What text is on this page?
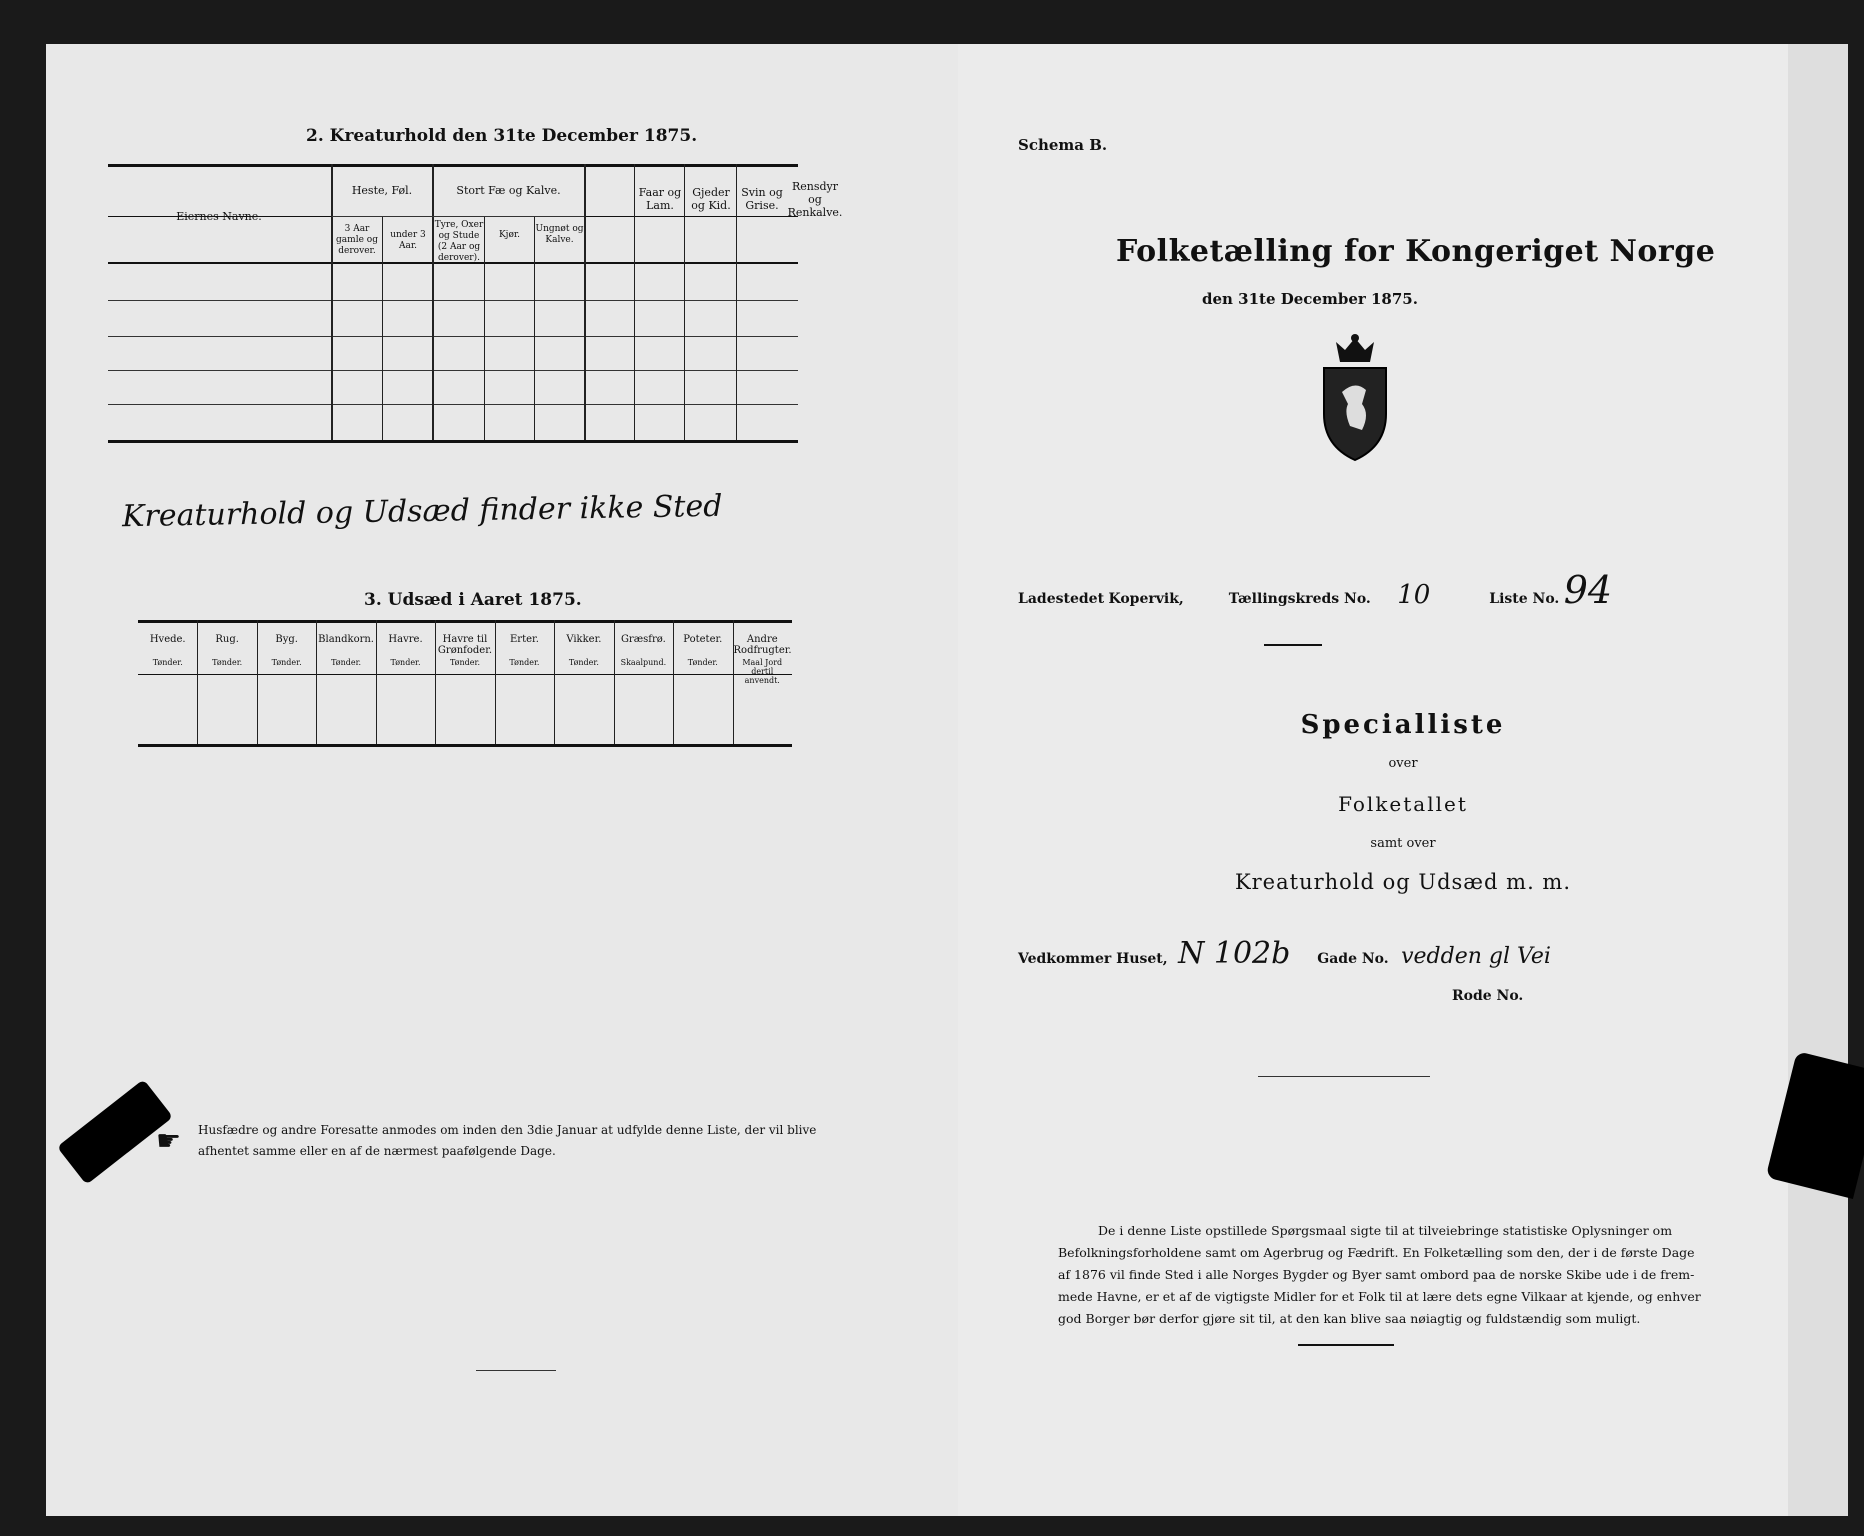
2. Kreaturhold den 31te December 1875.
Eiernes Navne.
Heste, Føl.
3 Aar gamle og derover.
under 3 Aar.
Stort Fæ og Kalve.
Tyre, Oxer og Stude (2 Aar og derover).
Kjør.
Ungnøt og Kalve.
Faar og Lam.
Gjeder og Kid.
Svin og Grise.
Rensdyr og Renkalve.
Kreaturhold og Udsæd finder ikke Sted
3. Udsæd i Aaret 1875.
Hvede.
Tønder.
Rug.
Tønder.
Byg.
Tønder.
Blandkorn.
Tønder.
Havre.
Tønder.
Havre til Grønfoder.
Tønder.
Erter.
Tønder.
Vikker.
Tønder.
Græsfrø.
Skaalpund.
Poteter.
Tønder.
Andre Rodfrugter.
Maal Jord dertil anvendt.
☛ Husfædre og andre Foresatte anmodes om inden den 3die Januar at udfylde denne Liste, der vil blive
afhentet samme eller en af de nærmest paafølgende Dage.
Schema B.
Folketælling for Kongeriget Norge
den 31te December 1875.
Ladestedet Kopervik,	Tællingskreds No. 10	Liste No. 94
Specialliste
over
Folketallet
samt over
Kreaturhold og Udsæd m. m.
Vedkommer Huset, N 102b Gade No. vedden gl Vei
Rode No.
De i denne Liste opstillede Spørgsmaal sigte til at tilveiebringe statistiske Oplysninger om
Befolkningsforholdene samt om Agerbrug og Fædrift. En Folketælling som den, der i de første Dage
af 1876 vil finde Sted i alle Norges Bygder og Byer samt ombord paa de norske Skibe ude i de frem-
mede Havne, er et af de vigtigste Midler for et Folk til at lære dets egne Vilkaar at kjende, og enhver
god Borger bør derfor gjøre sit til, at den kan blive saa nøiagtig og fuldstændig som muligt.
